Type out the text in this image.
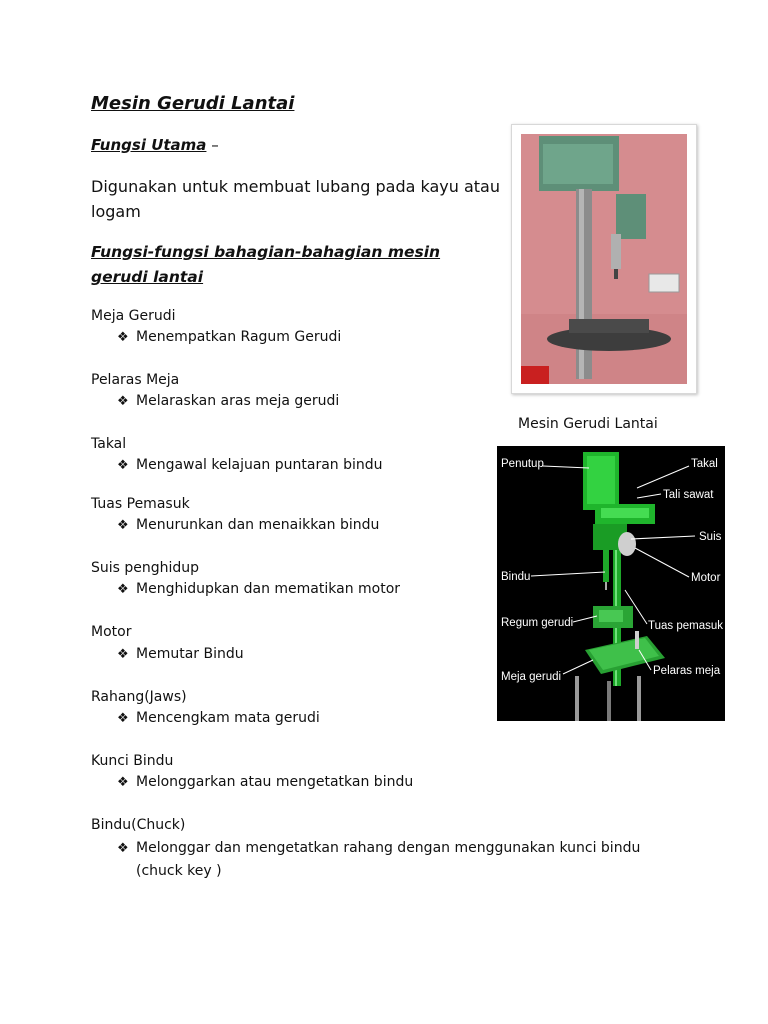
Mesin Gerudi Lantai
Fungsi Utama –
Digunakan untuk membuat lubang pada kayu atau logam
Fungsi-fungsi bahagian-bahagian mesin gerudi lantai
Meja Gerudi
❖ Menempatkan Ragum Gerudi
Pelaras Meja
❖ Melaraskan aras meja gerudi
Takal
❖ Mengawal kelajuan puntaran bindu
Tuas Pemasuk
❖ Menurunkan dan menaikkan bindu
Suis penghidup
❖ Menghidupkan dan mematikan motor
Motor
❖ Memutar Bindu
Rahang(Jaws)
❖ Mencengkam mata gerudi
Kunci Bindu
❖ Melonggarkan atau mengetatkan bindu
Bindu(Chuck)
❖ Melonggar dan mengetatkan rahang dengan menggunakan kunci bindu
(chuck key )
Mesin Gerudi Lantai
Penutup	Takal
Tali sawat
Suis
Bindu	Motor
Regum gerudi	Tuas pemasuk
Meja gerudi	Pelaras meja
